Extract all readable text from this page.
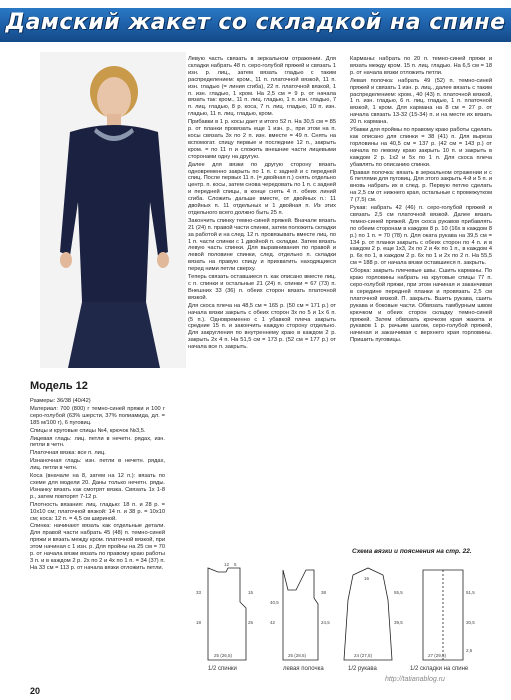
Дамский жакет со складкой на спине
Модель 12

Размеры: 36/38 (40/42)

Материал: 700 (800) г темно-синей пряжи и 100 г серо-голубой (63% шерсти, 37% полиамида, дл. = 185 м/100 г), 6 пуговиц.

Спицы и круговые спицы №4, крючок №3,5.

Лицевая гладь: лиц. петли в нечетн. рядах, изн. петли в четн.

Платочная вязка: все п. лиц.

Изнаночная гладь: изн. петли в нечетн. рядах, лиц. петли в четн.

Коса (вначале на 8, затем на 12 п.): вязать по схеме для модели 20. Даны только нечетн. ряды. Изнанку вязать как смотрят вязка. Связать 1х 1-8 р., затем повторят 7-12 р.

Плотность вязания: лиц. гладью: 18 п. и 28 р. = 10х10 см; платочной вязкой: 14 п. и 38 р. = 10х10 см; коса: 12 п. = 4,5 см шириной.

Спинка: начинают вязать как отдельные детали. Для правой части набрать 45 (48) п. темно-синей пряжи и вязать между кром. платочной вязкой, при этом начиная с 1 изн. р. Для пройны на 25 см = 70 р. от начала вязки вязать по правому краю работы 3 п. и в каждом 2 р. 2х по 2 и 4х по 1 п. = 34 (37) п. На 33 см = 113 р. от начала вязки отложить петли.

Левую часть связать в зеркальном отражении. Для складки набрать 48 п. серо-голубой пряжей и связать 1 изн. р. лиц., затем вязать гладью с таким распределением: кром., 11 п. платочной вязкой, 11 п. изн. гладью (= линия сгиба), 22 п. платочной вязкой, 1 п. изн. гладью, 1 кром. На 2,5 см = 9 р. от начала вязать так: кром., 11 п. лиц. гладью, 1 п. изн. гладью, 7 п. лиц. гладью, 8 р. коса, 7 п. лиц. гладью, 10 п. изн. гладью, 11 п. лиц. гладью, кром.

Прибавки в 1 р. косы дает и итого 52 п. На 30,5 см = 85 р. от планки провязать еще 1 изн. р., при этом на п. косы связать 3х по 2 п. изн. вместе = 49 п. Снять на вспомогат. спицу первые и последние 12 п., закрыть кром. = по 11 п и сложить внешние части лицевыми сторонами одну на другую.

Далее для вязки по другую сторону вязать одновременно закрыть по 1 п. с задней и с передней спиц. После первых 11 п. (= двойная п.) снять отдельно центр. п. косы, затем снова чередовать по 1 п. с задней и передней спицы, в конце снять 4 п. обеих линий сгиба. Сложить дальше вместе, от двойных п.: 11 двойных п. 11 отдельных и 1 двойная п. Из этих отдельного всего должно быть 25 п.

Закончить спинку темно-синей пряжей. Вначале вязать 21 (24) п. правой части спинки, затем положить складки за работой и на след. 12 п. провязывать вместе лиц. по 1 п. части спинки с 1 двойной п. складки. Затем вязать левую часть спинки. Для выравнивания по правой и левой половине спинки, след. отдельно п. складки вязать на правую спицу и прихватить находящиеся перед ними петли сверху.

Теперь связать оставшиеся п. как описано вместе лиц. с п. спинки и остальные 21 (24) п. спинки = 67 (73) п. Внешних 33 (36) п. обеих сторон вязать платочной вязкой.

Для скоса плеча на 48,5 см = 165 р. (50 см = 171 р.) от начала вязки закрыть с обеих сторон 3х по 5 и 1х 6 п. (5 п.). Одновременно с 1 убавкой плеча закрыть средние 15 п. и закончить каждую сторону отдельно. Для закругления по внутреннему краю в каждом 2 р. закрыть 2х 4 п. На 51,5 см = 173 р. (52 см = 177 р.) от начала все п. закрыть.

Карманы: набрать по 20 п. темно-синей пряжи и вязать между кром. 15 п. лиц. гладью. На 6,5 см = 18 р. от начала вязки отложить петли.

Левая полочка: набрать 49 (52) п. темно-синей пряжей и связать 1 изн. р. лиц., далее вязать с таким распределением: кром., 40 (43) п. платочной вязкой, 1 п. изн. гладью, 6 п. лиц. гладью, 1 п. платочной вязкой, 1 кром. Для кармана на 8 см = 27 р. от начала связать 13-32 (15-34) п. и на месте их вязать 20 п. кармана.

Убавки для проймы по правому краю работы сделать как описано для спинки = 38 (41) п. Для выреза горловины на 40,5 см = 137 р. (42 см = 143 р.) от начала по левому краю закрыть 10 п. и закрыть в каждом 2 р. 1х2 и 5х по 1 п. Для скоса плеча убавлять по описанию спинки.

Правая полочка: вязать в зеркальном отражении и с 6 петлями для пуговиц. Для этого закрыть 4-й и 5 п. и вновь набрать их в след. р. Первую петлю сделать на 2,5 см от нижнего края, остальные с промежутком 7 (7,5) см.

Рукав: набрать 42 (46) п. серо-голубой пряжей и связать 2,5 см платочной вязкой. Далее вязать темно-синей пряжей. Для скоса рукавов прибавлять по обеим сторонам в каждом 8 р. 10 (16х в каждом 8 р.) по 1 п. = 70 (78) п. Для оката рукава на 39,5 см = 134 р. от планки закрыть с обеих сторон по 4 п. и в каждом 2 р. еще 1х3, 2х по 2 и 4х по 1 п., в каждом 4 р. 6х по 1, в каждом 2 р. 6х по 1 и 2х по 2 п. На 55,5 см = 188 р. от начала вязки оставшиеся п. закрыть.

Сборка: закрыть плечевые швы. Сшить карманы. По краю горловины набрать на круговые спицы 77 п. серо-голубой пряжи, при этом начиная и заканчивая в середине передней планки и провязать 2,5 см платочной вязкой. П. закрыть. Вшить рукава, сшить рукава и боковые части. Обвязать тамбурным швом крючком и обеих сторон складку темно-синей пряжей. Затем обвязать крючком края жакета и рукавов 1 р. рачьим шагом, серо-голубой пряжей, начиная и заканчивая с верхнего края горловины. Пришить пуговицы.

Схема вязки и пояснения на стр. 22.
1/2 спинки	левая полочка	1/2 рукава	1/2 складки на спине
12 5
33
18
25 (26,5)
25
15
40,5
42
38
24,5
25 (28,5)
55,5
39,5
16
24 (27,5)
51,5
30,5
2,5
27 (29,5)
20
http://tatianablog.ru
